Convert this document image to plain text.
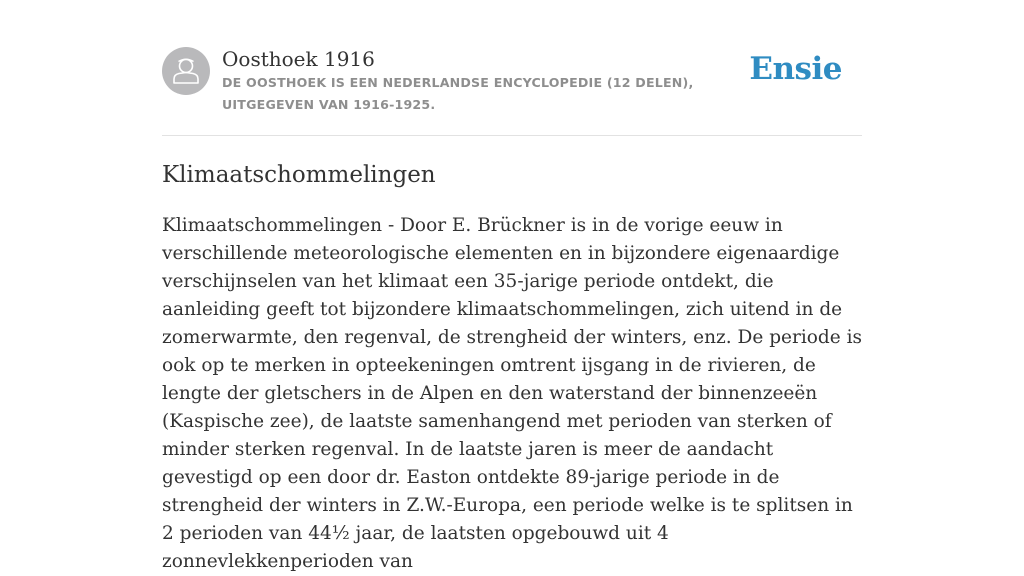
Oosthoek 1916
DE OOSTHOEK IS EEN NEDERLANDSE ENCYCLOPEDIE (12 DELEN), UITGEGEVEN VAN 1916-1925.
Ensie
Klimaatschommelingen

Klimaatschommelingen - Door E. Brückner is in de vorige eeuw in verschillende meteorologische elementen en in bijzondere eigenaardige verschijnselen van het klimaat een 35-jarige periode ontdekt, die aanleiding geeft tot bijzondere klimaatschommelingen, zich uitend in de zomerwarmte, den regenval, de strengheid der winters, enz. De periode is ook op te merken in opteekeningen omtrent ijsgang in de rivieren, de lengte der gletschers in de Alpen en den waterstand der binnenzeeën (Kaspische zee), de laatste samenhangend met perioden van sterken of minder sterken regenval. In de laatste jaren is meer de aandacht gevestigd op een door dr. Easton ontdekte 89-jarige periode in de strengheid der winters in Z.W.-Europa, een periode welke is te splitsen in 2 perioden van 44½ jaar, de laatsten opgebouwd uit 4 zonnevlekkenperioden van
